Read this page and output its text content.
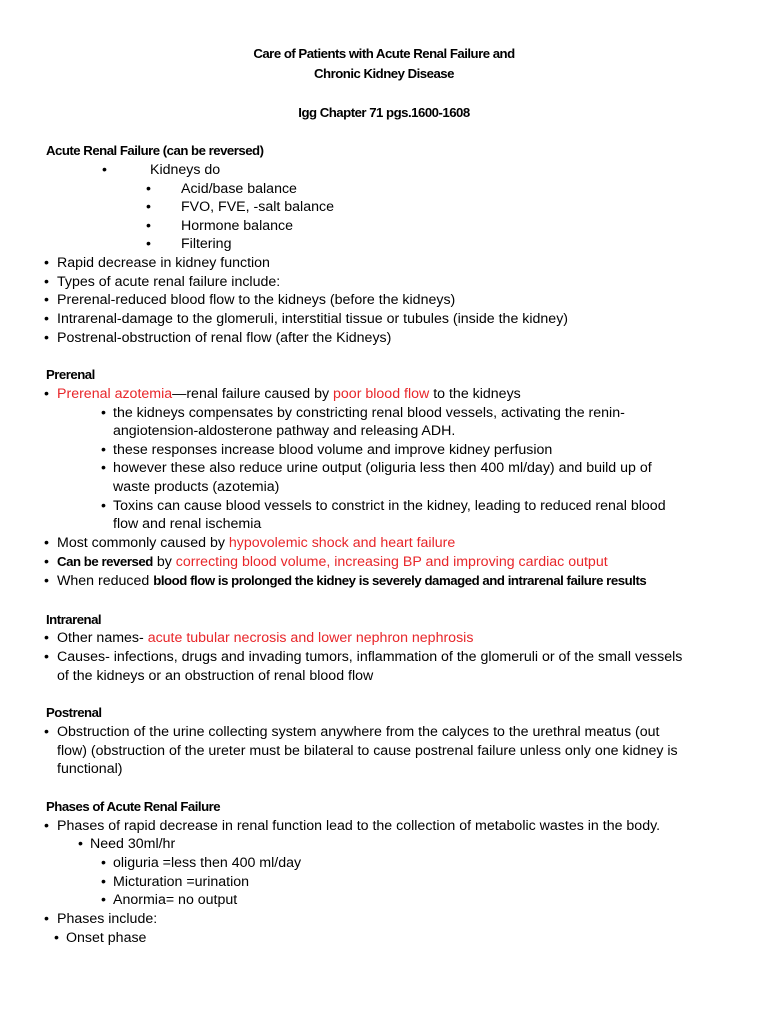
Care of Patients with Acute Renal Failure and
Chronic Kidney Disease
Igg Chapter 71 pgs.1600-1608
Acute Renal Failure (can be reversed)
•	Kidneys do
• Acid/base balance
• FVO, FVE, -salt balance
• Hormone balance
• Filtering
• Rapid decrease in kidney function
• Types of acute renal failure include:
• Prerenal-reduced blood flow to the kidneys (before the kidneys)
• Intrarenal-damage to the glomeruli, interstitial tissue or tubules (inside the kidney)
• Postrenal-obstruction of renal flow (after the Kidneys)
Prerenal
• Prerenal azotemia—renal failure caused by poor blood flow to the kidneys
• the kidneys compensates by constricting renal blood vessels, activating the renin-
angiotension-aldosterone pathway and releasing ADH.
• these responses increase blood volume and improve kidney perfusion
• however these also reduce urine output (oliguria less then 400 ml/day) and build up of
waste products (azotemia)
• Toxins can cause blood vessels to constrict in the kidney, leading to reduced renal blood
flow and renal ischemia
• Most commonly caused by hypovolemic shock and heart failure
• Can be reversed by correcting blood volume, increasing BP and improving cardiac output
• When reduced blood flow is prolonged the kidney is severely damaged and intrarenal failure results
Intrarenal
• Other names- acute tubular necrosis and lower nephron nephrosis
• Causes- infections, drugs and invading tumors, inflammation of the glomeruli or of the small vessels
of the kidneys or an obstruction of renal blood flow
Postrenal
• Obstruction of the urine collecting system anywhere from the calyces to the urethral meatus (out
flow) (obstruction of the ureter must be bilateral to cause postrenal failure unless only one kidney is
functional)
Phases of Acute Renal Failure
• Phases of rapid decrease in renal function lead to the collection of metabolic wastes in the body.
• Need 30ml/hr
• oliguria =less then 400 ml/day
• Micturation =urination
• Anormia= no output
• Phases include:
• Onset phase
